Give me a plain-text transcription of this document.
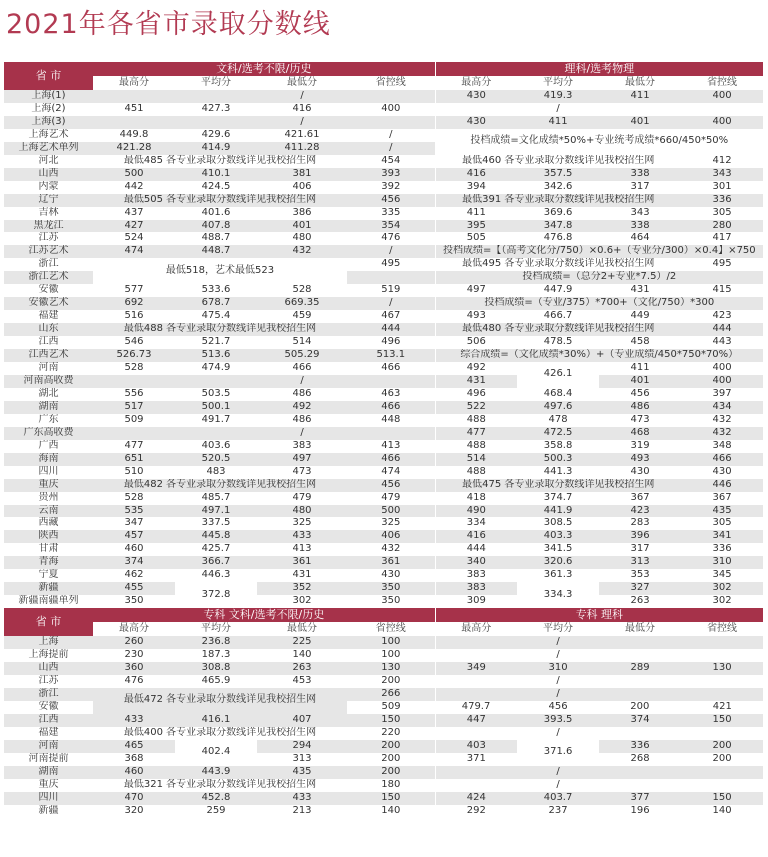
2021年各省市录取分数线
省 市	文科/选考不限/历史				理科/选考物理				
	最高分	平均分	最低分	省控线	最高分	平均分	最低分	省控线	
上海(1)			/		430	419.3	411	400	
上海(2)	451	427.3	416	400		/			
上海(3)			/		430	411	401	400	
上海艺术	449.8	429.6	421.61	/	投档成绩=文化成绩*50%+专业统考成绩*660/450*50%				
上海艺术单列	421.28	414.9	411.28	/					
河北	最低485 各专业录取分数线详见我校招生网			454	最低460 各专业录取分数线详见我校招生网			412	
山西	500	410.1	381	393	416	357.5	338	343	
内蒙	442	424.5	406	392	394	342.6	317	301	
辽宁	最低505 各专业录取分数线详见我校招生网			456	最低391 各专业录取分数线详见我校招生网			336	
吉林	437	401.6	386	335	411	369.6	343	305	
黑龙江	427	407.8	401	354	395	347.8	338	280	
江苏	524	488.7	480	476	505	476.8	464	417	
江苏艺术	474	448.7	432	/	投档成绩=【（高考文化分/750）×0.6+（专业分/300）×0.4】×750				
浙江	最低518，艺术最低523			495	最低495 各专业录取分数线详见我校招生网			495	
浙江艺术					投档成绩=（总分2+专业*7.5）/2				
安徽	577	533.6	528	519	497	447.9	431	415	
安徽艺术	692	678.7	669.35	/	投档成绩=（专业/375）*700+（文化/750）*300				
福建	516	475.4	459	467	493	466.7	449	423	
山东	最低488 各专业录取分数线详见我校招生网			444	最低480 各专业录取分数线详见我校招生网			444	
江西	546	521.7	514	496	506	478.5	458	443	
江西艺术	526.73	513.6	505.29	513.1	综合成绩=（文化成绩*30%）+（专业成绩/450*750*70%）				
河南	528	474.9	466	466	492	426.1	411	400	
河南高收费			/		431		401	400	
湖北	556	503.5	486	463	496	468.4	456	397	
湖南	517	500.1	492	466	522	497.6	486	434	
广东	509	491.7	486	448	488	478	473	432	
广东高收费			/		477	472.5	468	432	
广西	477	403.6	383	413	488	358.8	319	348	
海南	651	520.5	497	466	514	500.3	493	466	
四川	510	483	473	474	488	441.3	430	430	
重庆	最低482 各专业录取分数线详见我校招生网			456	最低475 各专业录取分数线详见我校招生网			446	
贵州	528	485.7	479	479	418	374.7	367	367	
云南	535	497.1	480	500	490	441.9	423	435	
西藏	347	337.5	325	325	334	308.5	283	305	
陕西	457	445.8	433	406	416	403.3	396	341	
甘肃	460	425.7	413	432	444	341.5	317	336	
青海	374	366.7	361	361	340	320.6	313	310	
宁夏	462	446.3	431	430	383	361.3	353	345	
新疆	455	372.8	352	350	383	334.3	327	302	
新疆南疆单列	350		302	350	309		263	302	
省 市	专科 文科/选考不限/历史				专科 理科				
	最高分	平均分	最低分	省控线	最高分	平均分	最低分	省控线	
上海	260	236.8	225	100		/			
上海提前	230	187.3	140	100		/			
山西	360	308.8	263	130	349	310	289	130	
江苏	476	465.9	453	200		/			
浙江	最低472 各专业录取分数线详见我校招生网			266		/			
安徽				509	479.7	456	200	421			
江西	433	416.1	407	150	447	393.5	374	150	
福建	最低400 各专业录取分数线详见我校招生网			220		/			
河南	465	402.4	294	200	403	371.6	336	200	
河南提前	368		313	200	371		268	200	
湖南	460	443.9	435	200		/			
重庆	最低321 各专业录取分数线详见我校招生网			180		/			
四川	470	452.8	433	150	424	403.7	377	150	
新疆	320	259	213	140	292	237	196	140	
